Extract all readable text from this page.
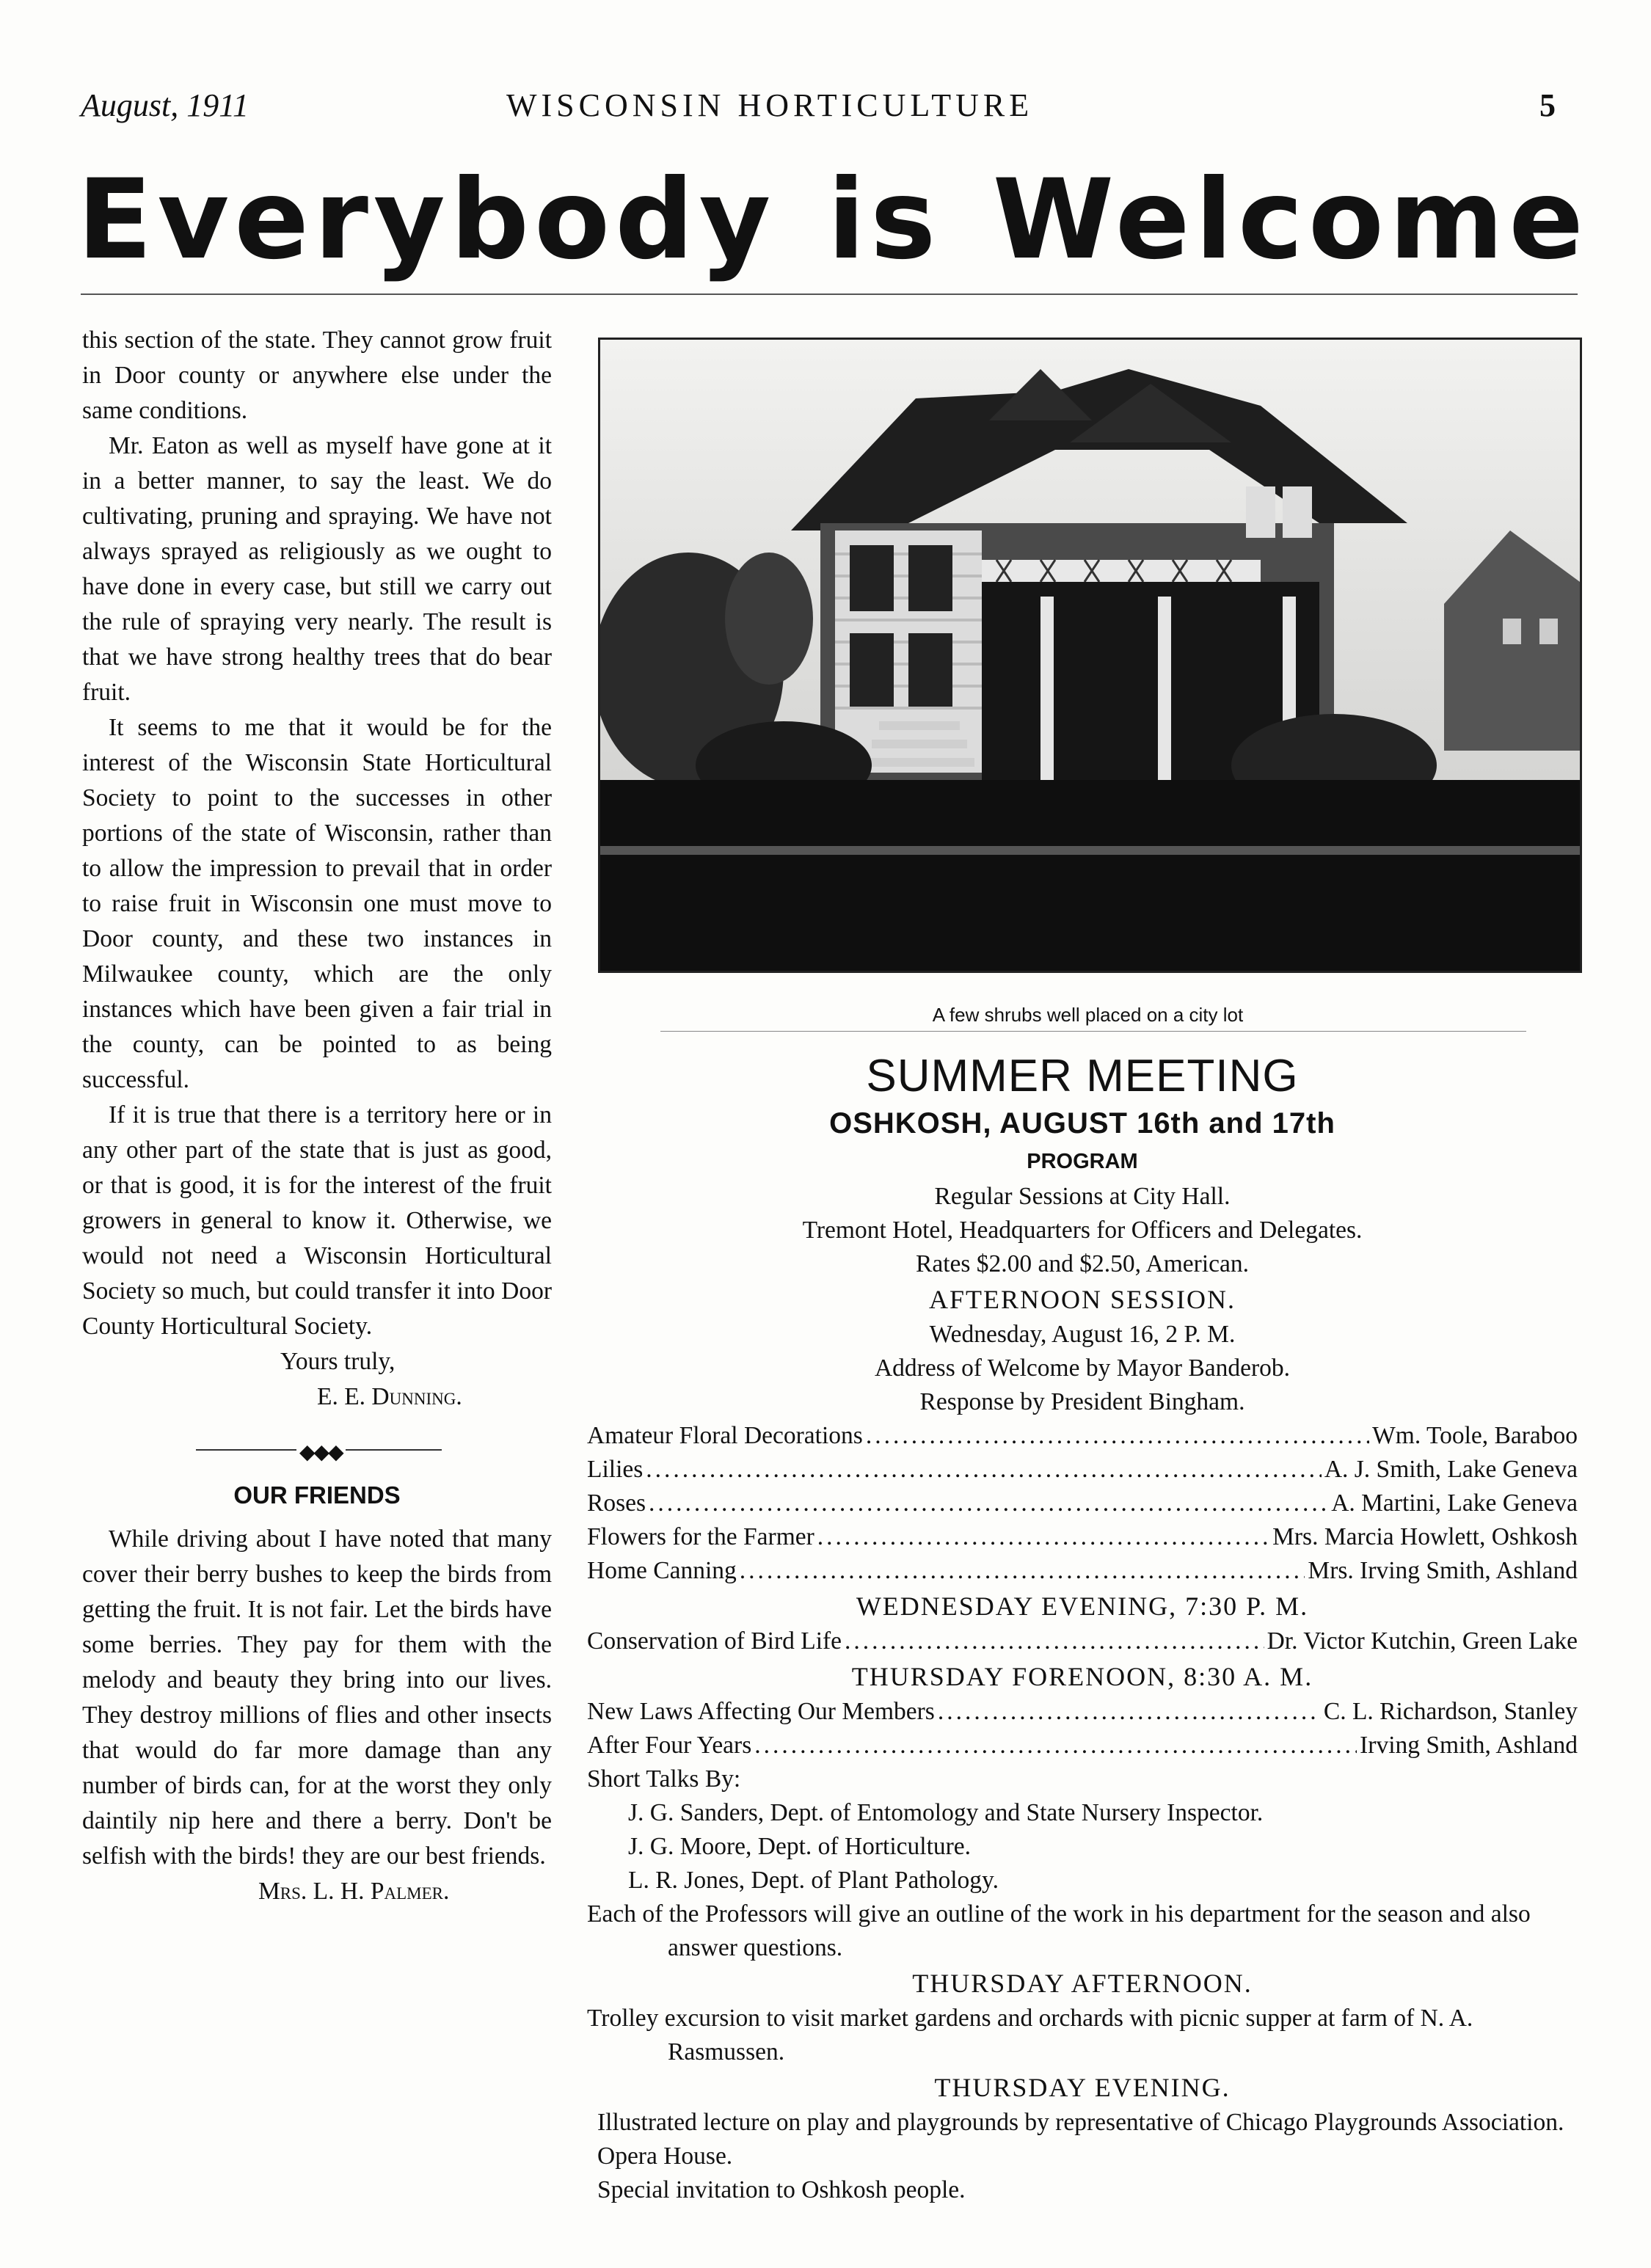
August, 1911	WISCONSIN HORTICULTURE	5
Everybody is Welcome

this section of the state. They cannot grow fruit in Door county or anywhere else under the same conditions.

Mr. Eaton as well as myself have gone at it in a better manner, to say the least. We do cultivating, pruning and spraying. We have not always sprayed as religiously as we ought to have done in every case, but still we carry out the rule of spraying very nearly. The result is that we have strong healthy trees that do bear fruit.

It seems to me that it would be for the interest of the Wisconsin State Horticultural Society to point to the successes in other portions of the state of Wisconsin, rather than to allow the impression to prevail that in order to raise fruit in Wisconsin one must move to Door county, and these two instances in Milwaukee county, which are the only instances which have been given a fair trial in the county, can be pointed to as being successful.

If it is true that there is a territory here or in any other part of the state that is just as good, or that is good, it is for the interest of the fruit growers in general to know it. Otherwise, we would not need a Wisconsin Horticultural Society so much, but could transfer it into Door County Horticultural Society.

Yours truly,
E. E. Dunning.
◆◆◆
OUR FRIENDS

While driving about I have noted that many cover their berry bushes to keep the birds from getting the fruit. It is not fair. Let the birds have some berries. They pay for them with the melody and beauty they bring into our lives. They destroy millions of flies and other insects that would do far more damage than any number of birds can, for at the worst they only daintily nip here and there a berry. Don't be selfish with the birds! they are our best friends.

Mrs. L. H. Palmer.
A few shrubs well placed on a city lot
SUMMER MEETING
OSHKOSH, AUGUST 16th and 17th
PROGRAM
Regular Sessions at City Hall.
Tremont Hotel, Headquarters for Officers and Delegates.
Rates $2.00 and $2.50, American.
AFTERNOON SESSION.
Wednesday, August 16, 2 P. M.
Address of Welcome by Mayor Banderob.
Response by President Bingham.
Amateur Floral Decorations .....	Wm. Toole, Baraboo
Lilies .....	A. J. Smith, Lake Geneva
Roses .....	A. Martini, Lake Geneva
Flowers for the Farmer .....	Mrs. Marcia Howlett, Oshkosh
Home Canning .....	Mrs. Irving Smith, Ashland
WEDNESDAY EVENING, 7:30 P. M.
Conservation of Bird Life .....	Dr. Victor Kutchin, Green Lake
THURSDAY FORENOON, 8:30 A. M.
New Laws Affecting Our Members .....	C. L. Richardson, Stanley
After Four Years .....	Irving Smith, Ashland
Short Talks By:
J. G. Sanders, Dept. of Entomology and State Nursery Inspector.
J. G. Moore, Dept. of Horticulture.
L. R. Jones, Dept. of Plant Pathology.
Each of the Professors will give an outline of the work in his department for the season and also answer questions.
THURSDAY AFTERNOON.
Trolley excursion to visit market gardens and orchards with picnic supper at farm of N. A. Rasmussen.
THURSDAY EVENING.
Illustrated lecture on play and playgrounds by representative of Chicago Playgrounds Association. Opera House.
Special invitation to Oshkosh people.
